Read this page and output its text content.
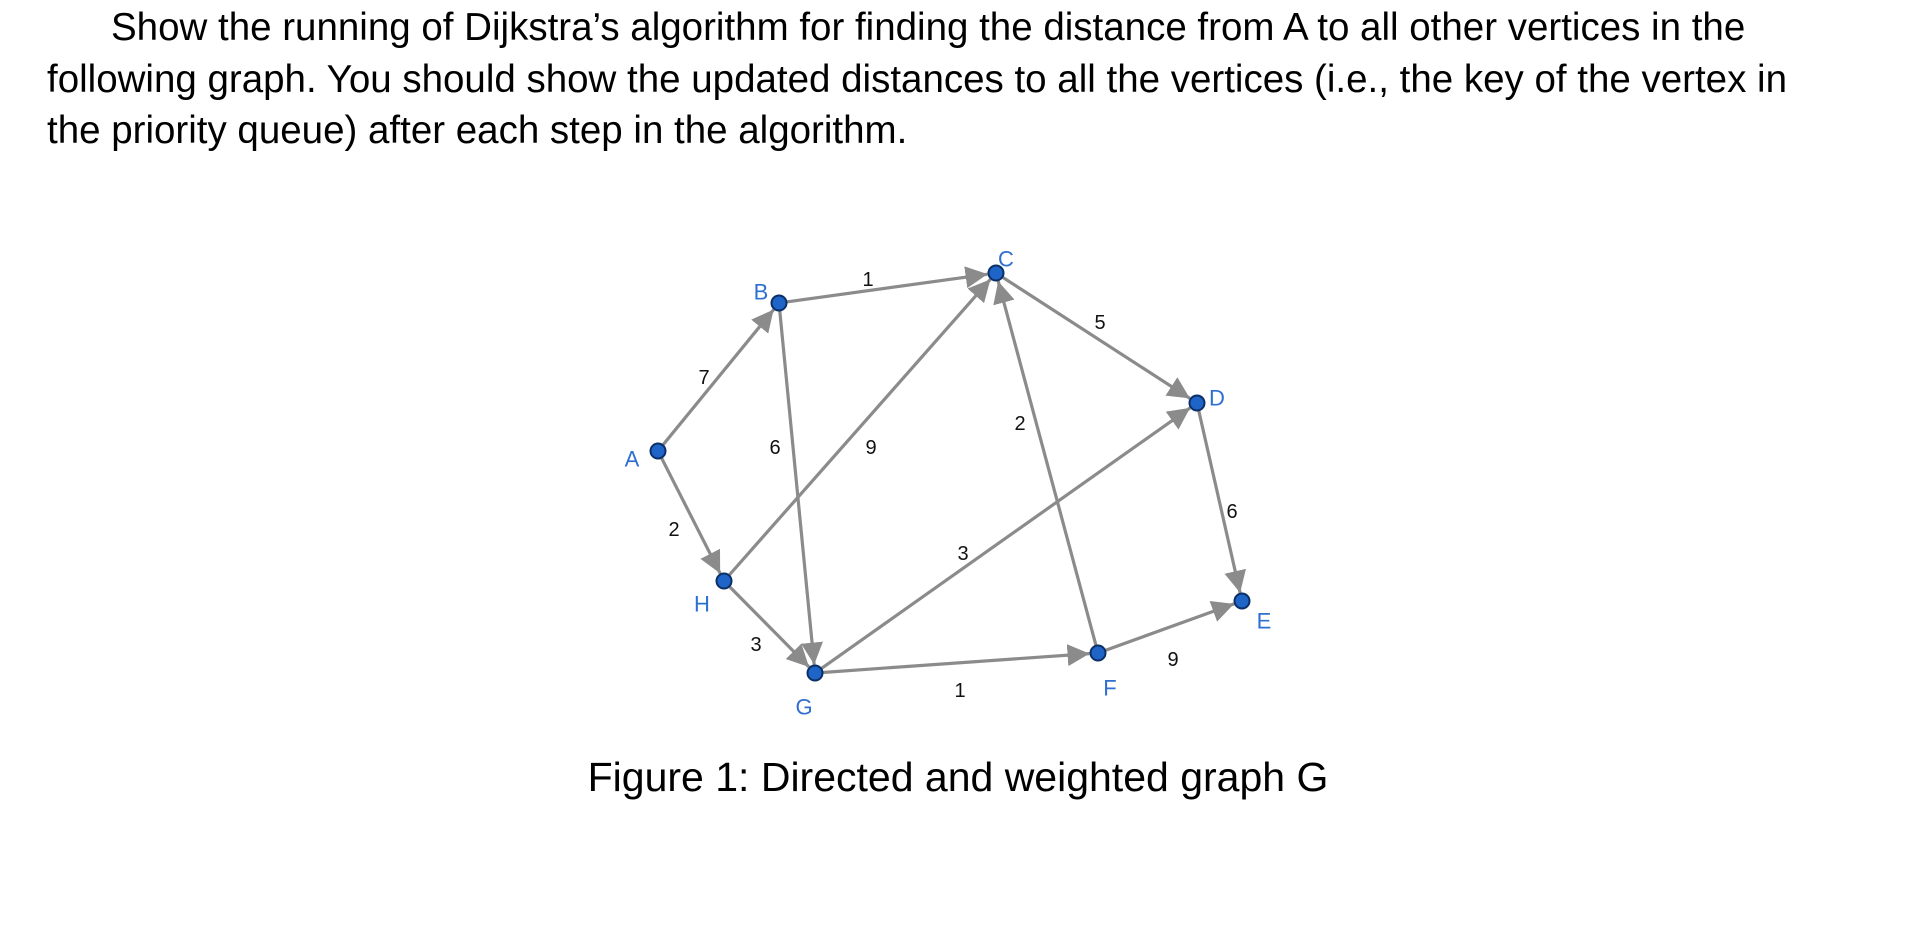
Show the running of Dijkstra’s algorithm for finding the distance from A to all other vertices in the following graph. You should show the updated distances to all the vertices (i.e., the key of the vertex in the priority queue) after each step in the algorithm.

7
2
1
6	9
3
5
2
3
1
6
9
A
B
C
D
E
F
G
H

Figure 1: Directed and weighted graph G
